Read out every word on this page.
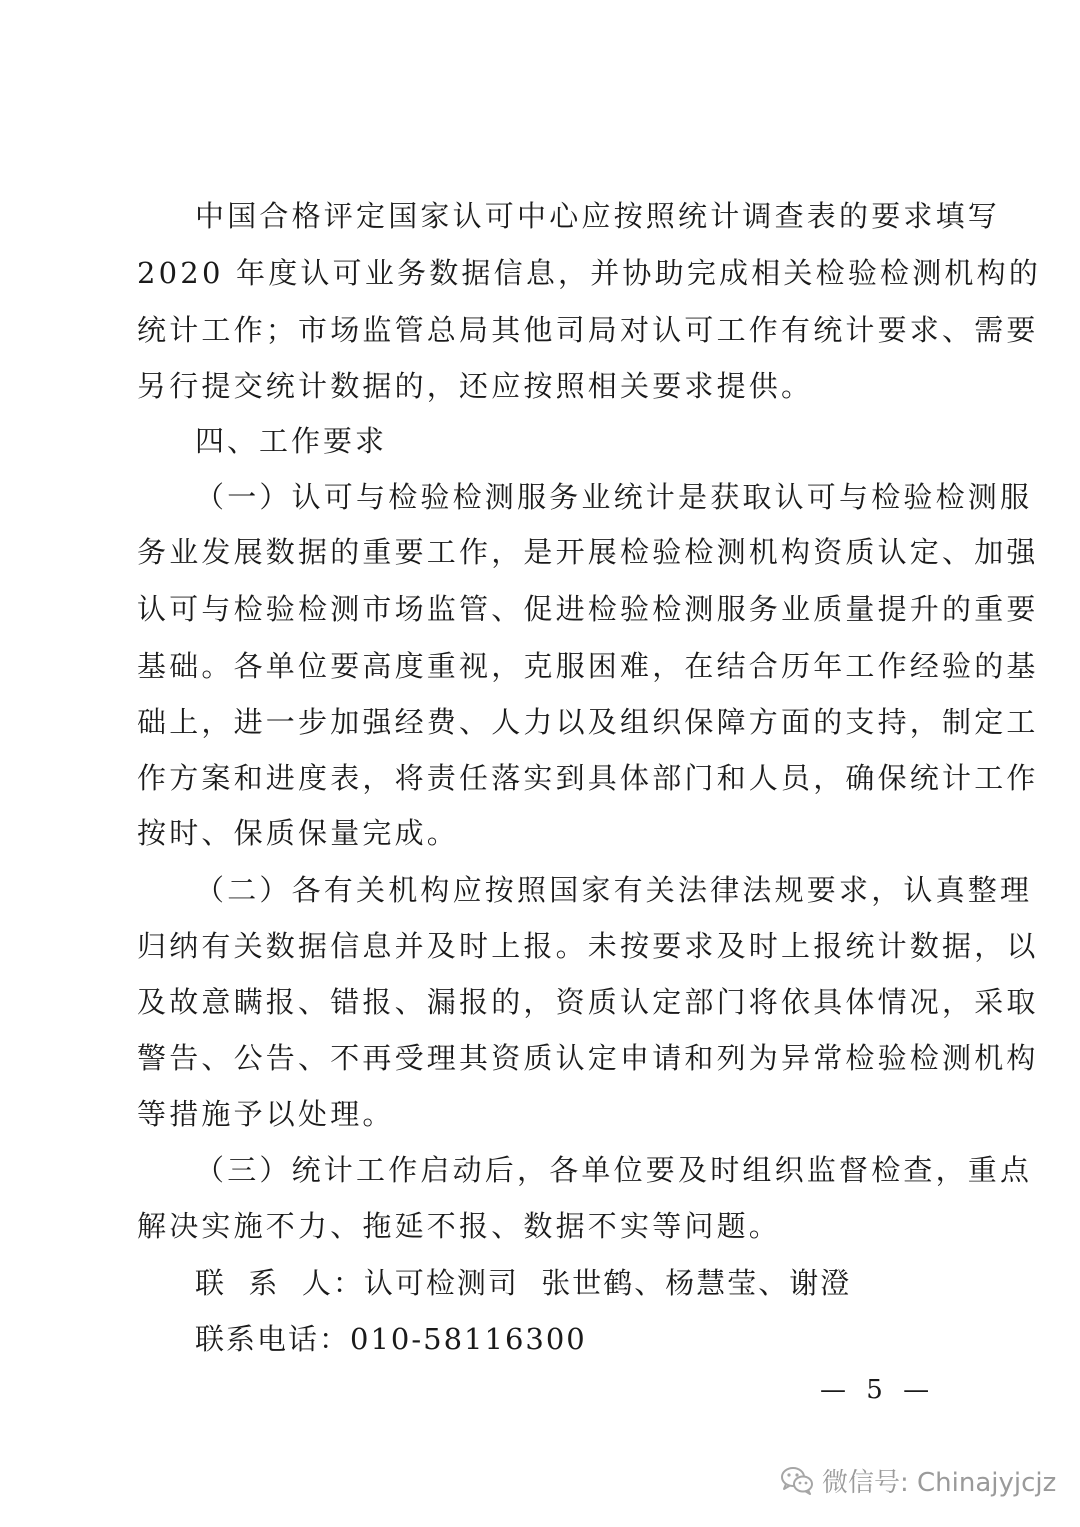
中国合格评定国家认可中心应按照统计调查表的要求填写
2020 年度认可业务数据信息，并协助完成相关检验检测机构的
统计工作；市场监管总局其他司局对认可工作有统计要求、需要
另行提交统计数据的，还应按照相关要求提供。
四、工作要求
（一）认可与检验检测服务业统计是获取认可与检验检测服
务业发展数据的重要工作，是开展检验检测机构资质认定、加强
认可与检验检测市场监管、促进检验检测服务业质量提升的重要
基础。各单位要高度重视，克服困难，在结合历年工作经验的基
础上，进一步加强经费、人力以及组织保障方面的支持，制定工
作方案和进度表，将责任落实到具体部门和人员，确保统计工作
按时、保质保量完成。
（二）各有关机构应按照国家有关法律法规要求，认真整理
归纳有关数据信息并及时上报。未按要求及时上报统计数据，以
及故意瞒报、错报、漏报的，资质认定部门将依具体情况，采取
警告、公告、不再受理其资质认定申请和列为异常检验检测机构
等措施予以处理。
（三）统计工作启动后，各单位要及时组织监督检查，重点
解决实施不力、拖延不报、数据不实等问题。
联  系  人：认可检测司  张世鹤、杨慧莹、谢澄
联系电话：010-58116300
— 5 —
微信号: Chinajyjcjz
